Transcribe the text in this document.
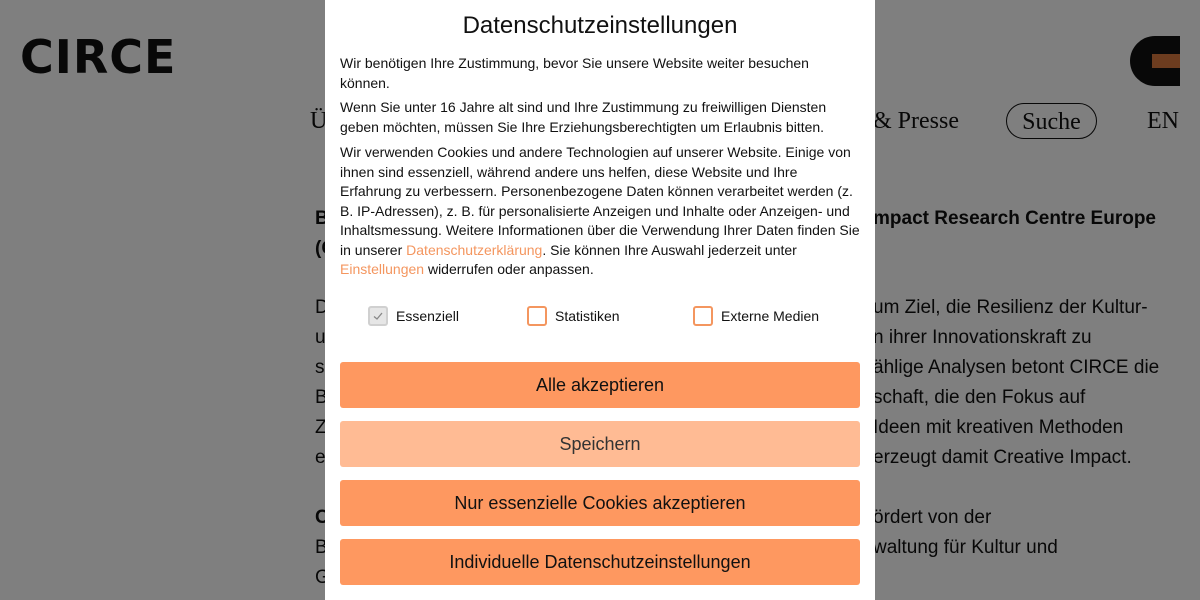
Datenschutzeinstellungen

Wir benötigen Ihre Zustimmung, bevor Sie unsere Website weiter besuchen können.

Wenn Sie unter 16 Jahre alt sind und Ihre Zustimmung zu freiwilligen Diensten geben möchten, müssen Sie Ihre Erziehungsberechtigten um Erlaubnis bitten.

Wir verwenden Cookies und andere Technologien auf unserer Website. Einige von ihnen sind essenziell, während andere uns helfen, diese Website und Ihre Erfahrung zu verbessern. Personenbezogene Daten können verarbeitet werden (z. B. IP-Adressen), z. B. für personalisierte Anzeigen und Inhalte oder Anzeigen- und Inhaltsmessung. Weitere Informationen über die Verwendung Ihrer Daten finden Sie in unserer Datenschutzerklärung. Sie können Ihre Auswahl jederzeit unter Einstellungen widerrufen oder anpassen.

Essenziell	Statistiken	Externe Medien
Alle akzeptieren
Speichern
Nur essenzielle Cookies akzeptieren
Individuelle Datenschutzeinstellungen
